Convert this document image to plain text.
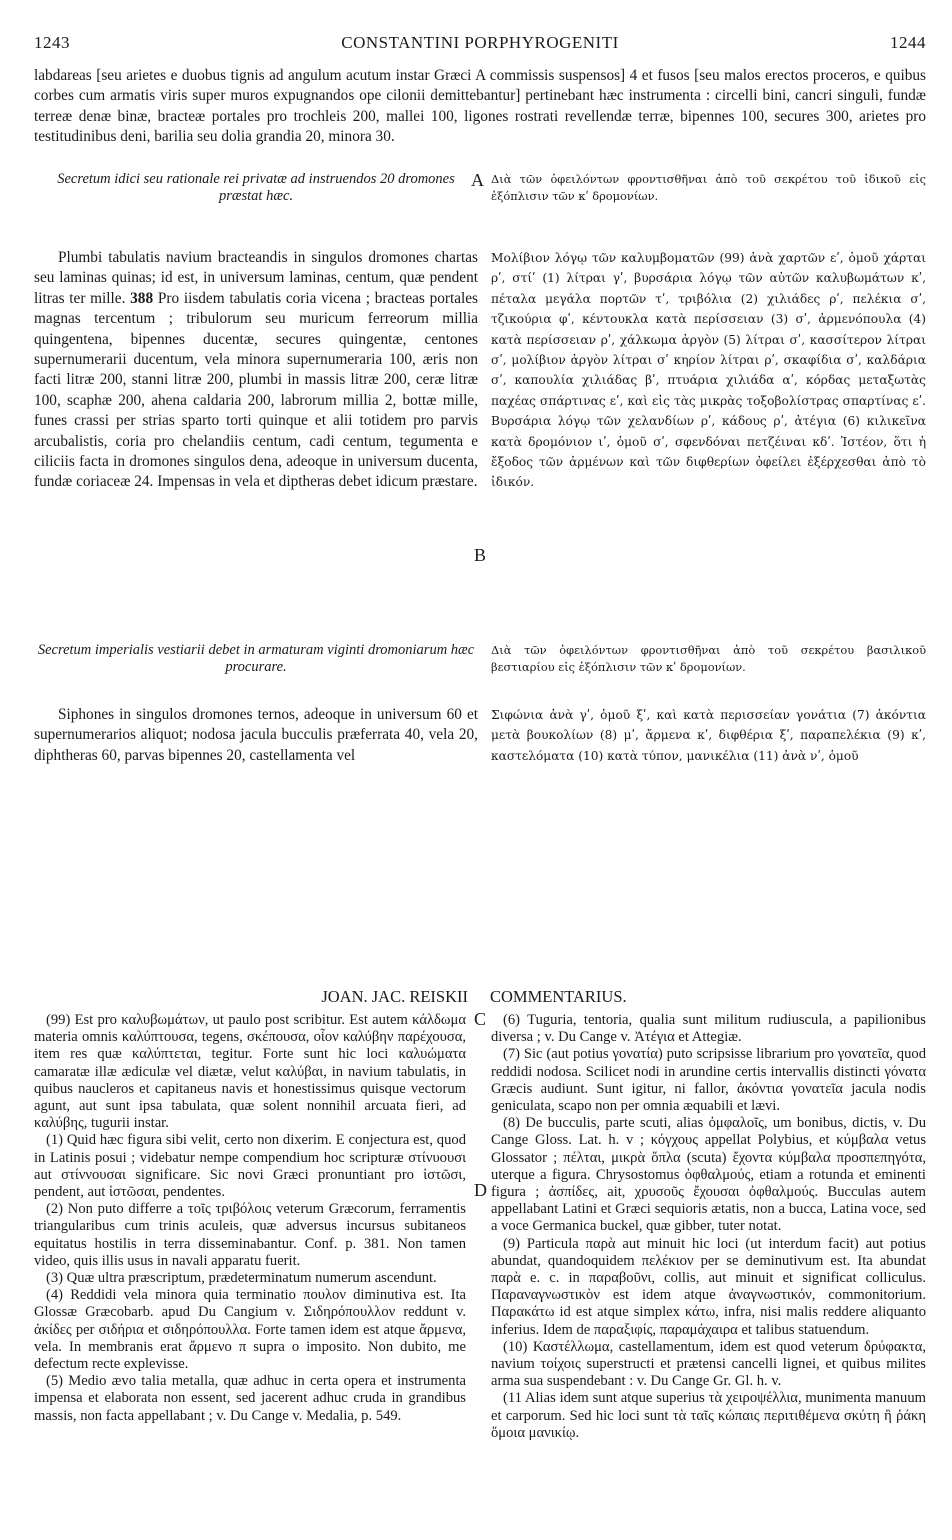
1243	CONSTANTINI PORPHYROGENITI	1244
labdareas [seu arietes e duobus tignis ad angulum acutum instar Græci A commissis suspensos] 4 et fusos [seu malos erectos proceros, e quibus corbes cum armatis viris super muros expugnandos ope cilonii demittebantur] pertinebant hæc instrumenta : circelli bini, cancri singuli, fundæ terreæ denæ binæ, bracteæ portales pro trochleis 200, mallei 100, ligones rostrati revellendæ terræ, bipennes 100, secures 300, arietes pro testitudinibus deni, barilia seu dolia grandia 20, minora 30.
Secretum idici seu rationale rei privatæ ad instruendos 20 dromones præstat hæc.
Διὰ τῶν ὀφειλόντων φροντισθῆναι ἀπὸ τοῦ σεκρέτου τοῦ ἰδικοῦ εἰς ἐξόπλισιν τῶν κʹ δρομονίων.
A

Plumbi tabulatis navium bracteandis in singulos dromones chartas seu laminas quinas; id est, in universum laminas, centum, quæ pendent litras ter mille. 388 Pro iisdem tabulatis coria vicena ; bracteas portales magnas tercentum ; tribulorum seu muricum ferreorum millia quingentena, bipennes ducentæ, secures quingentæ, centones supernumerarii ducentum, vela minora supernumeraria 100, æris non facti litræ 200, stanni litræ 200, plumbi in massis litræ 200, ceræ litræ 100, scaphæ 200, ahena caldaria 200, labrorum millia 2, bottæ mille, funes crassi per strias sparto torti quinque et alii totidem pro parvis arcubalistis, coria pro chelandiis centum, cadi centum, tegumenta e ciliciis facta in dromones singulos dena, adeoque in universum ducenta, fundæ coriaceæ 24. Impensas in vela et diptheras debet idicum præstare.

Μολίβιον λόγῳ τῶν καλυμβοματῶν (99) ἀνὰ χαρτῶν εʹ, ὁμοῦ χάρται ρʹ, στίʹ (1) λίτραι γʹ, βυρσάρια λόγῳ τῶν αὐτῶν καλυβωμάτων κʹ, πέταλα μεγάλα πορτῶν τʹ, τριβόλια (2) χιλιάδες ρʹ, πελέκια σʹ, τζικούρια φʹ, κέντουκλα κατὰ περίσσειαν (3) σʹ, ἀρμενόπουλα (4) κατὰ περίσσειαν ρʹ, χάλκωμα ἀργὸν (5) λίτραι σʹ, κασσίτερον λίτραι σʹ, μολίβιον ἀργὸν λίτραι σʹ κηρίον λίτραι ρʹ, σκαφίδια σʹ, καλδάρια σʹ, καπουλία χιλιάδας βʹ, πτυάρια χιλιάδα αʹ, κόρδας μεταξωτὰς παχέας σπάρτινας εʹ, καὶ εἰς τὰς μικρὰς τοξοβολίστρας σπαρτίνας εʹ. Βυρσάρια λόγῳ τῶν χελανδίων ρʹ, κάδους ρʹ, ἀτέγια (6) κιλικεῖνα κατὰ δρομόνιον ιʹ, ὁμοῦ σʹ, σφενδόναι πετζέιναι κδʹ. Ἰστέον, ὅτι ἡ ἔξοδος τῶν ἀρμένων καὶ τῶν διφθερίων ὀφείλει ἐξέρχεσθαι ἀπὸ τὸ ἰδικόν.
B
Secretum imperialis vestiarii debet in armaturam viginti dromoniarum hæc procurare.
Διὰ τῶν ὀφειλόντων φροντισθῆναι ἀπὸ τοῦ σεκρέτου βασιλικοῦ βεστιαρίου εἰς ἐξόπλισιν τῶν κʹ δρομονίων.

Siphones in singulos dromones ternos, adeoque in universum 60 et supernumerarios aliquot; nodosa jacula bucculis præferrata 40, vela 20, diphtheras 60, parvas bipennes 20, castellamenta vel

Σιφώνια ἀνὰ γʹ, ὁμοῦ ξʹ, καὶ κατὰ περισσείαν γονάτια (7) ἀκόντια μετὰ βουκολίων (8) μʹ, ἄρμενα κʹ, διφθέρια ξʹ, παραπελέκια (9) κʹ, καστελόματα (10) κατὰ τύπον, μανικέλια (11) ἀνὰ νʹ, ὁμοῦ
JOAN. JAC. REISKII COMMENTARIUS.
C
D

(99) Est pro καλυβωμάτων, ut paulo post scribitur. Est autem κάλδωμα materia omnis καλύπτουσα, tegens, σκέπουσα, οἷον καλύβην παρέχουσα, item res quæ καλύπτεται, tegitur. Forte sunt hic loci καλυώματα camaratæ illæ ædiculæ vel diætæ, velut καλύβαι, in navium tabulatis, in quibus naucleros et capitaneus navis et honestissimus quisque vectorum agunt, aut sunt ipsa tabulata, quæ solent nonnihil arcuata fieri, ad καλύβης, tugurii instar.

(1) Quid hæc figura sibi velit, certo non dixerim. E conjectura est, quod in Latinis posui ; videbatur nempe compendium hoc scripturæ στίνυουσι aut στίννουσαι significare. Sic novi Græci pronuntiant pro ἱστῶσι, pendent, aut ἱστῶσαι, pendentes.

(2) Non puto differre a τοῖς τριβόλοις veterum Græcorum, ferramentis triangularibus cum trinis aculeis, quæ adversus incursus subitaneos equitatus hostilis in terra disseminabantur. Conf. p. 381. Non tamen video, quis illis usus in navali apparatu fuerit.

(3) Quæ ultra præscriptum, prædeterminatum numerum ascendunt.

(4) Reddidi vela minora quia terminatio πουλον diminutiva est. Ita Glossæ Græcobarb. apud Du Cangium v. Σιδηρόπουλλον reddunt v. ἀκίδες per σιδήρια et σιδηρόπουλλα. Forte tamen idem est atque ἄρμενα, vela. In membranis erat ἄρμενο π supra o imposito. Non dubito, me defectum recte explevisse.

(5) Medio ævo talia metalla, quæ adhuc in certa opera et instrumenta impensa et elaborata non essent, sed jacerent adhuc cruda in grandibus massis, non facta appellabant ; v. Du Cange v. Medalia, p. 549.

(6) Tuguria, tentoria, qualia sunt militum rudiuscula, a papilionibus diversa ; v. Du Cange v. Ἀτέγια et Attegiæ.

(7) Sic (aut potius γονατία) puto scripsisse librarium pro γονατεῖα, quod reddidi nodosa. Scilicet nodi in arundine certis intervallis distincti γόνατα Græcis audiunt. Sunt igitur, ni fallor, ἀκόντια γονατεῖα jacula nodis geniculata, scapo non per omnia æquabili et lævi.

(8) De bucculis, parte scuti, alias ὀμφαλοῖς, um bonibus, dictis, v. Du Cange Gloss. Lat. h. v ; κόγχους appellat Polybius, et κύμβαλα vetus Glossator ; πέλται, μικρὰ ὅπλα (scuta) ἔχοντα κύμβαλα προσπεπηγότα, uterque a figura. Chrysostomus ὀφθαλμούς, etiam a rotunda et eminenti figura ; ἀσπίδες, ait, χρυσοῦς ἔχουσαι ὀφθαλμούς. Bucculas autem appellabant Latini et Græci sequioris ætatis, non a bucca, Latina voce, sed a voce Germanica buckel, quæ gibber, tuter notat.

(9) Particula παρὰ aut minuit hic loci (ut interdum facit) aut potius abundat, quandoquidem πελέκιον per se deminutivum est. Ita abundat παρὰ e. c. in παραβοῦνι, collis, aut minuit et significat colliculus. Παραναγνωστικὸν est idem atque ἀναγνωστικόν, commonitorium. Παρακάτω id est atque simplex κάτω, infra, nisi malis reddere aliquanto inferius. Idem de παραξιφίς, παραμάχαιρα et talibus statuendum.

(10) Καστέλλωμα, castellamentum, idem est quod veterum δρύφακτα, navium τοίχοις superstructi et prætensi cancelli lignei, et quibus milites arma sua suspendebant : v. Du Cange Gr. Gl. h. v.

(11 Alias idem sunt atque superius τὰ χειροψέλλια, munimenta manuum et carporum. Sed hic loci sunt τὰ ταῖς κώπαις περιτιθέμενα σκύτη ἢ ῥάκη ὅμοια μανικίῳ.
